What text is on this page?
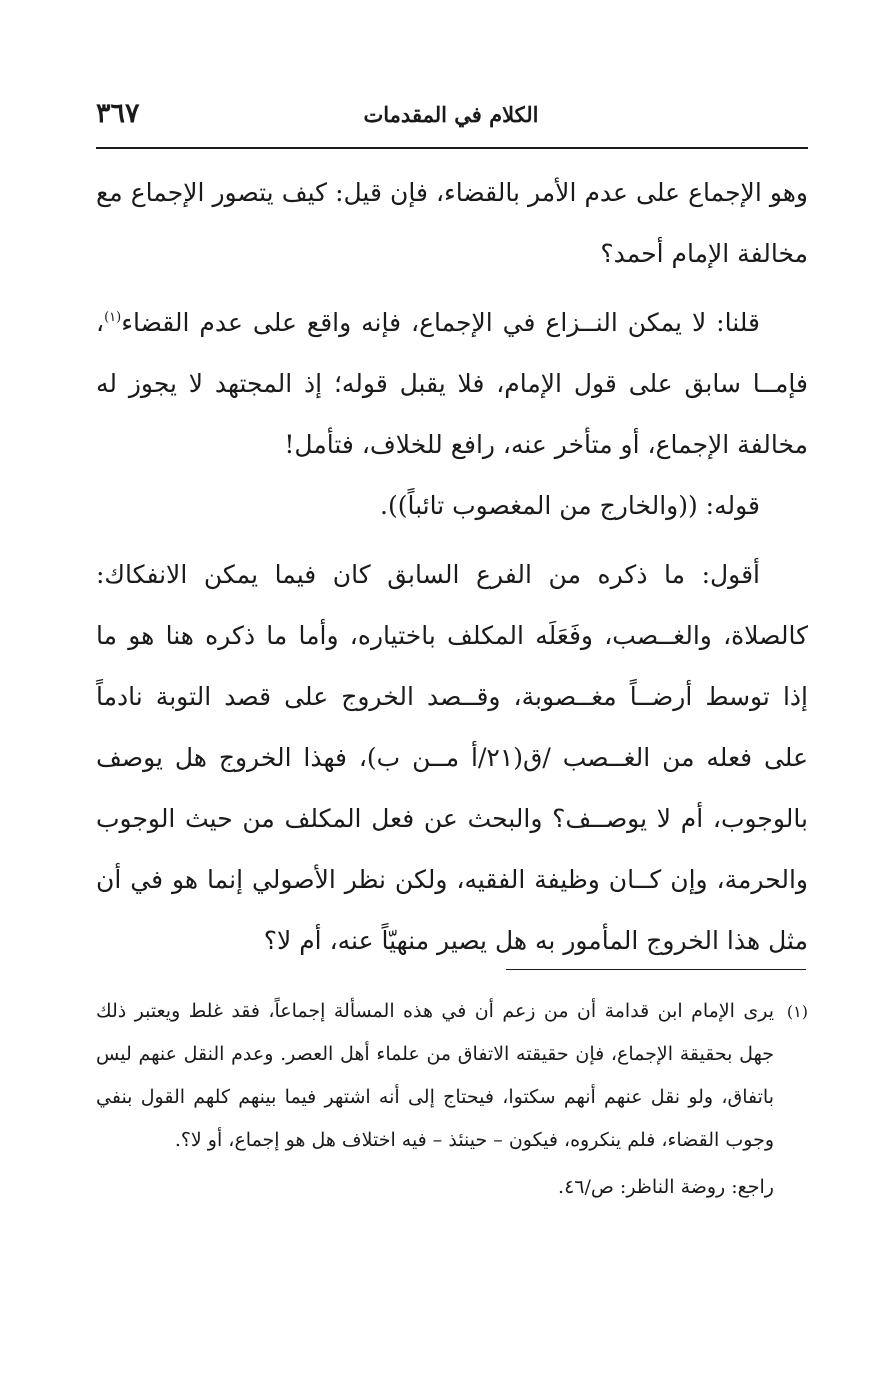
الكلام في المقدمات
٣٦٧

وهو الإجماع على عدم الأمر بالقضاء، فإن قيل: كيف يتصور الإجماع مع مخالفة الإمام أحمد؟

قلنا: لا يمكن النــزاع في الإجماع، فإنه واقع على عدم القضاء$^{(١)}$، فإمــا سابق على قول الإمام، فلا يقبل قوله؛ إذ المجتهد لا يجوز له مخالفة الإجماع، أو متأخر عنه، رافع للخلاف، فتأمل!

قوله: ((والخارج من المغصوب تائباً)).

أقول: ما ذكره من الفرع السابق كان فيما يمكن الانفكاك: كالصلاة، والغــصب، وفَعَلَه المكلف باختياره، وأما ما ذكره هنا هو ما إذا توسط أرضــاً مغــصوبة، وقــصد الخروج على قصد التوبة نادماً على فعله من الغــصب /ق(٢١/أ مــن ب)، فهذا الخروج هل يوصف بالوجوب، أم لا يوصــف؟ والبحث عن فعل المكلف من حيث الوجوب والحرمة، وإن كــان وظيفة الفقيه، ولكن نظر الأصولي إنما هو في أن مثل هذا الخروج المأمور به هل يصير منهيّاً عنه، أم لا؟

(١)يرى الإمام ابن قدامة أن من زعم أن في هذه المسألة إجماعاً، فقد غلط ويعتبر ذلك جهل بحقيقة الإجماع، فإن حقيقته الاتفاق من علماء أهل العصر. وعدم النقل عنهم ليس باتفاق، ولو نقل عنهم أنهم سكتوا، فيحتاج إلى أنه اشتهر فيما بينهم كلهم القول بنفي وجوب القضاء، فلم ينكروه، فيكون – حينئذ – فيه اختلاف هل هو إجماع، أو لا؟.

راجع: روضة الناظر: ص/٤٦.
